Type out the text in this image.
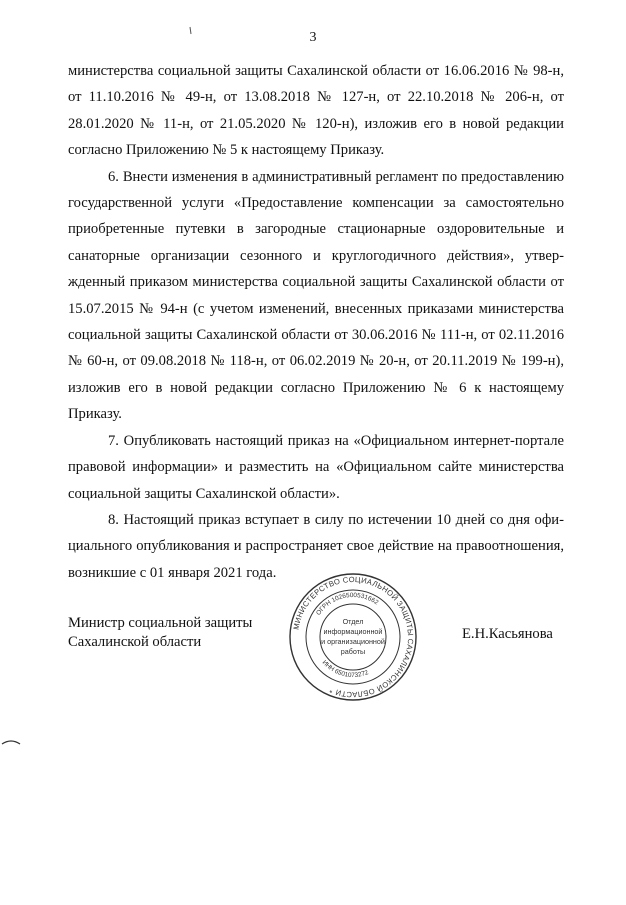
3

министерства социальной защиты Сахалинской области от 16.06.2016 № 98-н, от 11.10.2016 № 49-н, от 13.08.2018 № 127-н, от 22.10.2018 № 206-н, от 28.01.2020 № 11-н, от 21.05.2020 № 120-н), изложив его в новой редакции согласно Приложению № 5 к настоящему Приказу.

6. Внести изменения в административный регламент по предоставлению государственной услуги «Предоставление компенсации за самостоятельно приобретенные путевки в загородные стационарные оздоровительные и санаторные организации сезонного и круглогодичного действия», утвержденный приказом министерства социальной защиты Сахалинской области от 15.07.2015 № 94-н (с учетом изменений, внесенных приказами министерства социальной защиты Сахалинской области от 30.06.2016 № 111-н, от 02.11.2016 № 60-н, от 09.08.2018 № 118-н, от 06.02.2019 № 20-н, от 20.11.2019 № 199-н), изложив его в новой редакции согласно Приложению № 6 к настоящему Приказу.

7. Опубликовать настоящий приказ на «Официальном интернет-портале правовой информации» и разместить на «Официальном сайте министерства социальной защиты Сахалинской области».

8. Настоящий приказ вступает в силу по истечении 10 дней со дня официального опубликования и распространяет свое действие на правоотношения, возникшие с 01 января 2021 года.

Министр социальной защиты
Сахалинской области
МИНИСТЕРСТВО СОЦИАЛЬНОЙ ЗАЩИТЫ САХАЛИНСКОЙ ОБЛАСТИ *
ОГРН 1026500531662
ИНН 6501073272
Отдел
информационной
и организационной
работы
Е.Н.Касьянова
